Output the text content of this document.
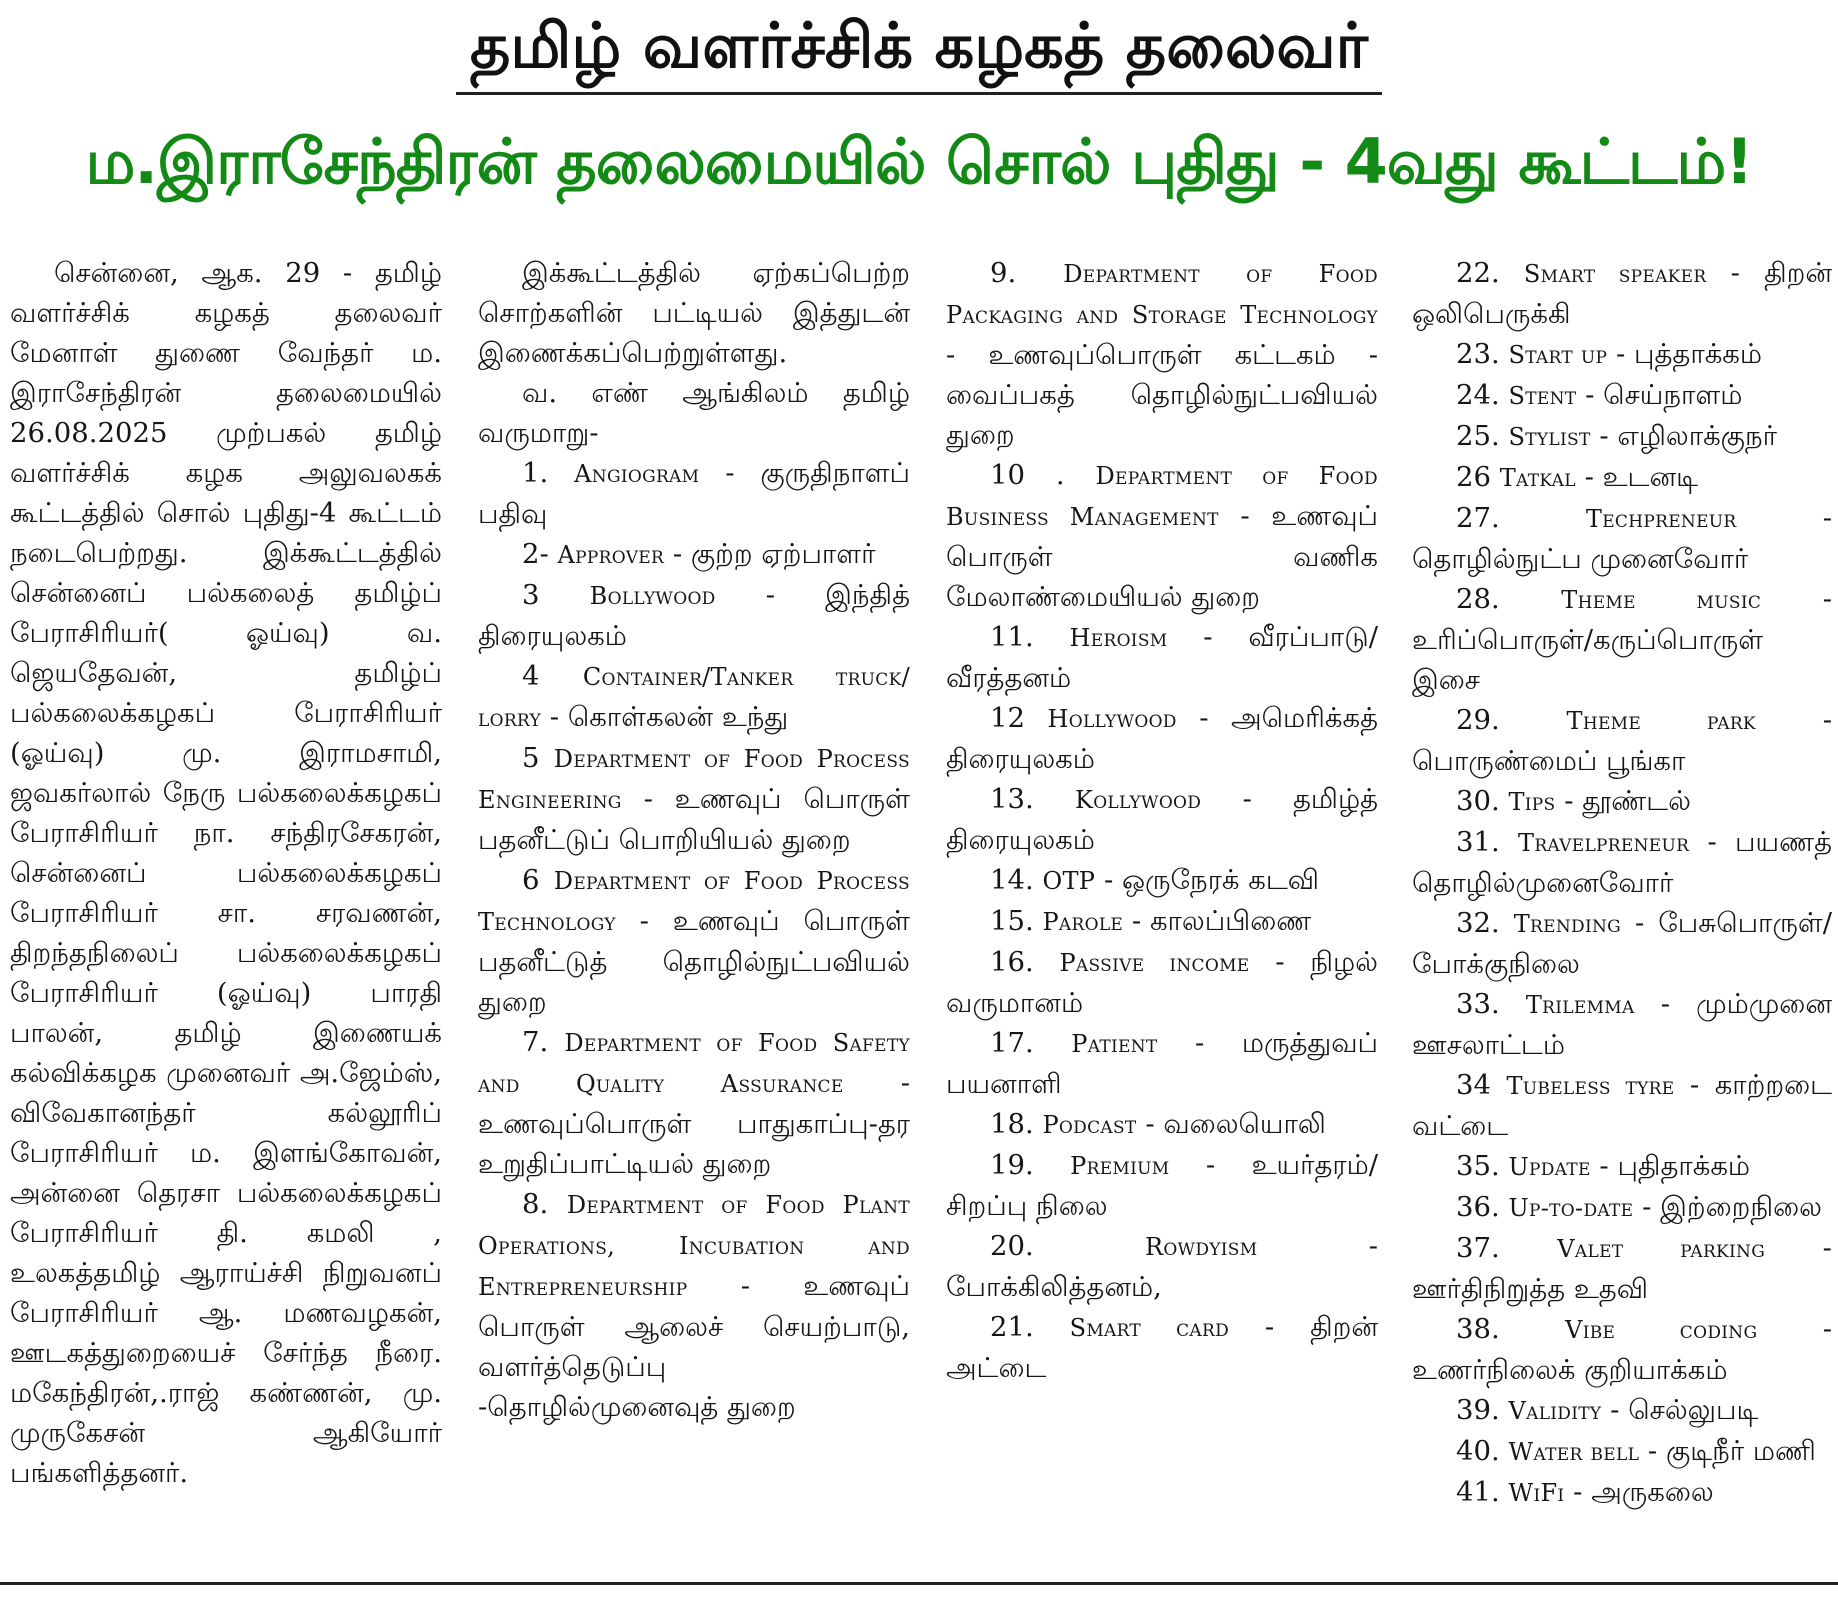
தமிழ் வளர்ச்சிக் கழகத் தலைவர்
ம.இராசேந்திரன் தலைமையில் சொல் புதிது - 4வது கூட்டம்!

சென்னை, ஆக. 29 - தமிழ் வளர்ச்சிக் கழகத் தலைவர் மேனாள் துணை வேந்தர் ம. இராசேந்திரன் தலைமையில் 26.08.2025 முற்பகல் தமிழ் வளர்ச்சிக் கழக அலுவலகக் கூட்டத்தில் சொல் புதிது-4 கூட்டம் நடைபெற்றது. இக்கூட்டத்தில் சென்னைப் பல்கலைத் தமிழ்ப் பேராசிரியர்( ஓய்வு) வ. ஜெயதேவன், தமிழ்ப் பல்கலைக்கழகப் பேராசிரியர் (ஓய்வு) மு. இராமசாமி, ஜவகர்லால் நேரு பல்கலைக்கழகப் பேராசிரியர் நா. சந்திரசேகரன், சென்னைப் பல்கலைக்கழகப் பேராசிரியர் சா. சரவணன், திறந்தநிலைப் பல்கலைக்கழகப் பேராசிரியர் (ஓய்வு) பாரதி பாலன், தமிழ் இணையக் கல்விக்கழக முனைவர் அ.ஜேம்ஸ், விவேகானந்தர் கல்லூரிப் பேராசிரியர் ம. இளங்கோவன், அன்னை தெரசா பல்கலைக்கழகப் பேராசிரியர் தி. கமலி , உலகத்தமிழ் ஆராய்ச்சி நிறுவனப் பேராசிரியர் ஆ. மணவழகன், ஊடகத்துறையைச் சேர்ந்த நீரை. மகேந்திரன்,.ராஜ் கண்ணன், மு. முருகேசன் ஆகியோர் பங்களித்தனர்.

இக்கூட்டத்தில் ஏற்கப்பெற்ற சொற்களின் பட்டியல் இத்துடன் இணைக்கப்பெற்றுள்ளது.

வ. எண் ஆங்கிலம் தமிழ் வருமாறு-

1. Angiogram - குருதிநாளப் பதிவு

2- Approver - குற்ற ஏற்பாளர்

3 Bollywood - இந்தித் திரையுலகம்

4 Container/Tanker truck/ lorry - கொள்கலன் உந்து

5 Department of Food Process Engineering - உணவுப் பொருள் பதனீட்டுப் பொறியியல் துறை

6 Department of Food Process Technology - உணவுப் பொருள் பதனீட்டுத் தொழில்நுட்பவியல் துறை

7. Department of Food Safety and Quality Assurance - உணவுப்பொருள் பாதுகாப்பு-தர உறுதிப்பாட்டியல் துறை

8. Department of Food Plant Operations, Incubation and Entrepreneurship - உணவுப் பொருள் ஆலைச் செயற்பாடு, வளர்த்தெடுப்பு -தொழில்முனைவுத் துறை

9. Department of Food Packaging and Storage Technology - உணவுப்பொருள் கட்டகம் - வைப்பகத் தொழில்நுட்பவியல் துறை

10 . Department of Food Business Management - உணவுப் பொருள் வணிக மேலாண்மையியல் துறை

11. Heroism - வீரப்பாடு/ வீரத்தனம்

12 Hollywood - அமெரிக்கத் திரையுலகம்

13. Kollywood - தமிழ்த் திரையுலகம்

14. OTP - ஒருநேரக் கடவி

15. Parole - காலப்பிணை

16. Passive income - நிழல் வருமானம்

17. Patient - மருத்துவப் பயனாளி

18. Podcast - வலையொலி

19. Premium - உயர்தரம்/ சிறப்பு நிலை

20.	Rowdyism - போக்கிலித்தனம்,

21. Smart card - திறன் அட்டை

22. Smart speaker - திறன் ஒலிபெருக்கி

23. Start up - புத்தாக்கம்

24. Stent - செய்நாளம்

25. Stylist - எழிலாக்குநர்

26 Tatkal - உடனடி

27.	Techpreneur - தொழில்நுட்ப முனைவோர்

28.	Theme music - உரிப்பொருள்/கருப்பொருள் இசை

29.	Theme park - பொருண்மைப் பூங்கா

30. Tips - தூண்டல்

31. Travelpreneur - பயணத் தொழில்முனைவோர்

32. Trending - பேசுபொருள்/போக்குநிலை

33. Trilemma - மும்முனை ஊசலாட்டம்

34 Tubeless tyre - காற்றடை வட்டை

35. Update - புதிதாக்கம்

36. Up-to-date - இற்றைநிலை

37. Valet parking - ஊர்திநிறுத்த உதவி

38.	Vibe coding - உணர்நிலைக் குறியாக்கம்

39. Validity - செல்லுபடி

40. Water bell - குடிநீர் மணி

41. WiFi - அருகலை
